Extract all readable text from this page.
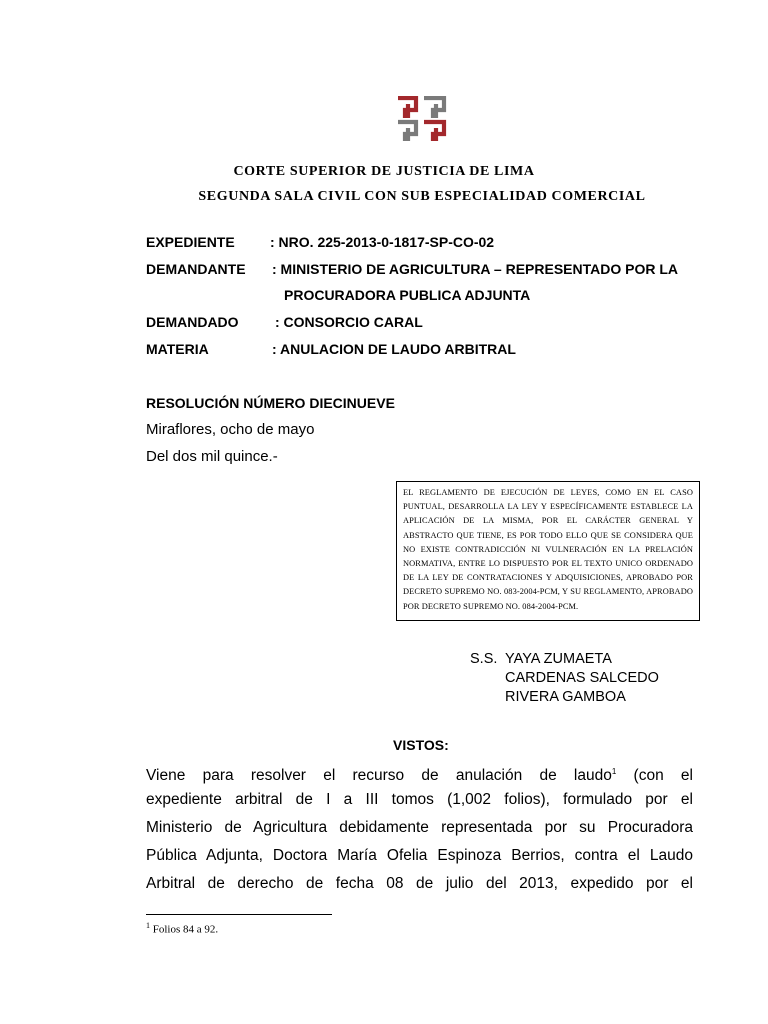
CORTE SUPERIOR DE JUSTICIA DE LIMA
SEGUNDA SALA CIVIL CON SUB ESPECIALIDAD COMERCIAL
EXPEDIENTE	: NRO. 225-2013-0-1817-SP-CO-02
DEMANDANTE : MINISTERIO DE AGRICULTURA – REPRESENTADO POR LA
PROCURADORA PUBLICA ADJUNTA
DEMANDADO	: CONSORCIO CARAL
MATERIA	: ANULACION DE LAUDO ARBITRAL
RESOLUCIÓN NÚMERO DIECINUEVE
Miraflores, ocho de mayo
Del dos mil quince.-
EL REGLAMENTO DE EJECUCIÓN DE LEYES, COMO EN EL CASO PUNTUAL, DESARROLLA LA LEY Y ESPECÍFICAMENTE ESTABLECE LA APLICACIÓN DE LA MISMA, POR EL CARÁCTER GENERAL Y ABSTRACTO QUE TIENE, ES POR TODO ELLO QUE SE CONSIDERA QUE NO EXISTE CONTRADICCIÓN NI VULNERACIÓN EN LA PRELACIÓN NORMATIVA, ENTRE LO DISPUESTO POR EL TEXTO UNICO ORDENADO DE LA LEY DE CONTRATACIONES Y ADQUISICIONES, APROBADO POR DECRETO SUPREMO NO. 083-2004-PCM, Y SU REGLAMENTO, APROBADO POR DECRETO SUPREMO NO. 084-2004-PCM.
S.S. YAYA ZUMAETA
CARDENAS SALCEDO
RIVERA GAMBOA
VISTOS:
Viene para resolver el recurso de anulación de laudo$^1$ (con el
expediente arbitral de I a III tomos (1,002 folios), formulado por el
Ministerio de Agricultura debidamente representada por su Procuradora
Pública Adjunta, Doctora María Ofelia Espinoza Berrios, contra el Laudo
Arbitral de derecho de fecha 08 de julio del 2013, expedido por el
$^1$ Folios 84 a 92.
